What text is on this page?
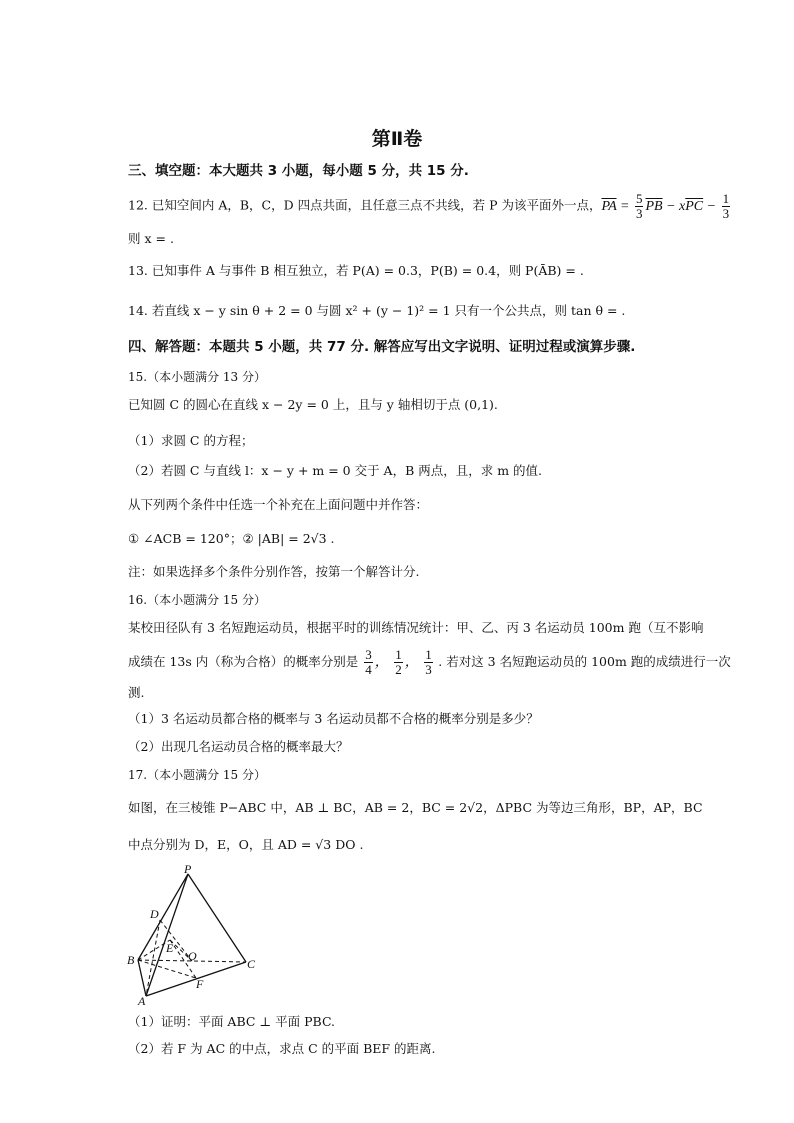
第Ⅱ卷
三、填空题：本大题共 3 小题，每小题 5 分，共 15 分.
12. 已知空间内 A，B，C，D 四点共面，且任意三点不共线，若 P 为该平面外一点，$\overline{PA} = \frac{5}{3} \overline{PB} - x\overline{PC} - \frac{1}{3}$
则 x = .
13. 已知事件 A 与事件 B 相互独立，若 P(A) = 0.3，P(B) = 0.4，则 P(ĀB) = .
14. 若直线 x − y sin θ + 2 = 0 与圆 x² + (y − 1)² = 1 只有一个公共点，则 tan θ = .
四、解答题：本题共 5 小题，共 77 分. 解答应写出文字说明、证明过程或演算步骤.
15.（本小题满分 13 分）
已知圆 C 的圆心在直线 x − 2y = 0 上，且与 y 轴相切于点 (0,1).
（1）求圆 C 的方程；
（2）若圆 C 与直线 l：x − y + m = 0 交于 A，B 两点，且，求 m 的值.
从下列两个条件中任选一个补充在上面问题中并作答：
① ∠ACB = 120°；② |AB| = 2√3 .
注：如果选择多个条件分别作答，按第一个解答计分.
16.（本小题满分 15 分）
某校田径队有 3 名短跑运动员，根据平时的训练情况统计：甲、乙、丙 3 名运动员 100m 跑（互不影响
成绩在 13s 内（称为合格）的概率分别是 $\frac{3}{4}$ ， $\frac{1}{2}$ ， $\frac{1}{3}$ . 若对这 3 名短跑运动员的 100m 跑的成绩进行一次
测.
（1）3 名运动员都合格的概率与 3 名运动员都不合格的概率分别是多少？
（2）出现几名运动员合格的概率最大？
17.（本小题满分 15 分）
如图，在三棱锥 P−ABC 中，AB ⊥ BC，AB = 2，BC = 2√2，ΔPBC 为等边三角形，BP，AP，BC
中点分别为 D，E，O，且 AD = √3 DO .
P
D
E
B	O
C
F
A
（1）证明：平面 ABC ⊥ 平面 PBC.
（2）若 F 为 AC 的中点，求点 C 的平面 BEF 的距离.
